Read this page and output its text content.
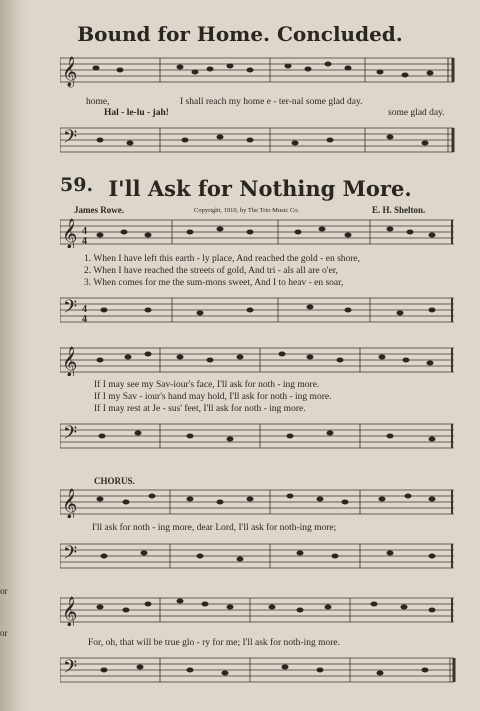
Bound for Home. Concluded.
𝄞
home,	I shall reach my home e - ter-nal some glad day.
Hal - le-lu - jah!	some glad day.
𝄢
59. I'll Ask for Nothing More.
James Rowe.	Copyright, 1910, by The Trio Music Co.	E. H. Shelton.
𝄞 4
4
1. When I have left this earth - ly place, And reached the gold - en shore,
2. When I have reached the streets of gold, And tri - als all are o'er,
3. When comes for me the sum-mons sweet, And I to heav - en soar,
𝄢 4
4
𝄞
If I may see my Sav-iour's face, I'll ask for noth - ing more.
If I my Sav - iour's hand may hold, I'll ask for noth - ing more.
If I may rest at Je - sus' feet, I'll ask for noth - ing more.
𝄢
CHORUS.
𝄞
I'll ask for noth - ing more, dear Lord, I'll ask for noth-ing more;
𝄢
𝄞
For, oh, that will be true glo - ry for me; I'll ask for noth-ing more.
𝄢
or
or
